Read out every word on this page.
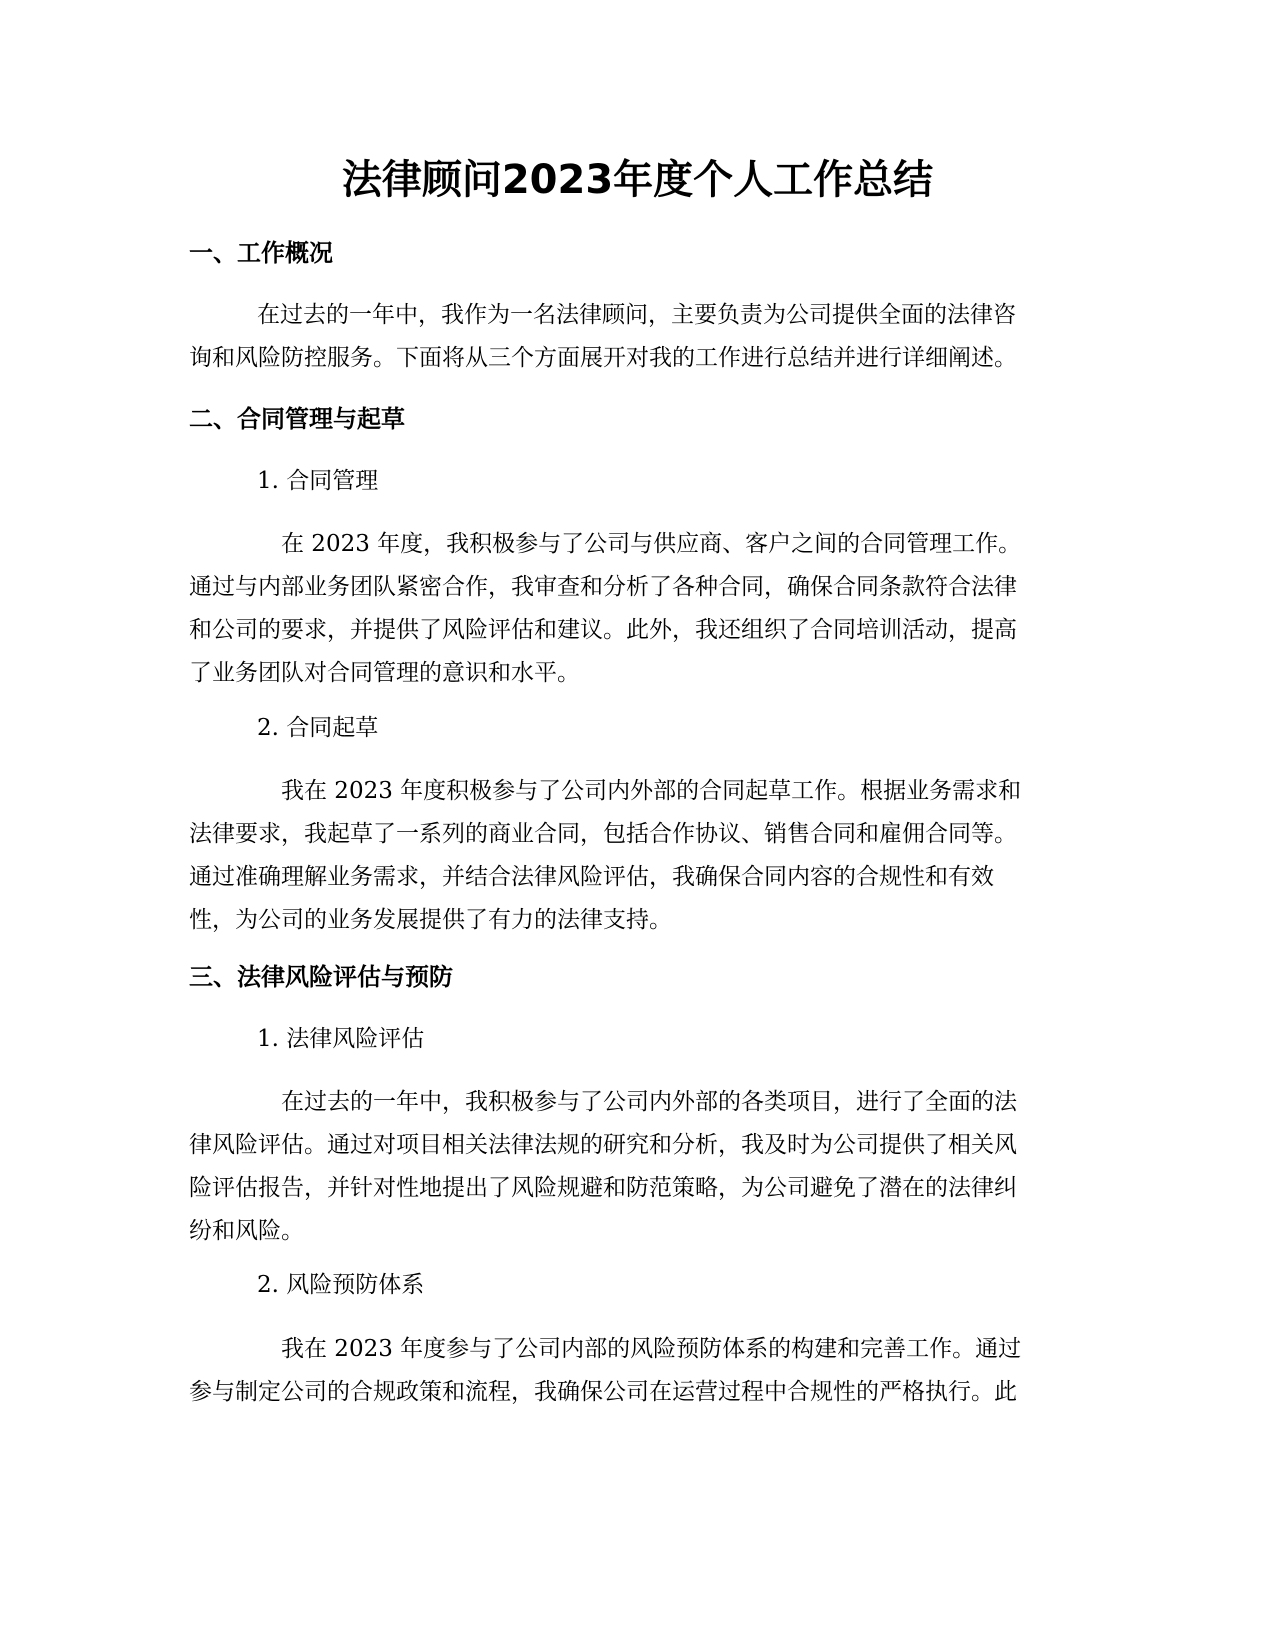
法律顾问2023年度个人工作总结
一、工作概况
在过去的一年中，我作为一名法律顾问，主要负责为公司提供全面的法律咨
询和风险防控服务。下面将从三个方面展开对我的工作进行总结并进行详细阐述。
二、合同管理与起草

1. 合同管理

在 2023 年度，我积极参与了公司与供应商、客户之间的合同管理工作。
通过与内部业务团队紧密合作，我审查和分析了各种合同，确保合同条款符合法律
和公司的要求，并提供了风险评估和建议。此外，我还组织了合同培训活动，提高
了业务团队对合同管理的意识和水平。

2. 合同起草

我在 2023 年度积极参与了公司内外部的合同起草工作。根据业务需求和
法律要求，我起草了一系列的商业合同，包括合作协议、销售合同和雇佣合同等。
通过准确理解业务需求，并结合法律风险评估，我确保合同内容的合规性和有效
性，为公司的业务发展提供了有力的法律支持。
三、法律风险评估与预防

1. 法律风险评估

在过去的一年中，我积极参与了公司内外部的各类项目，进行了全面的法
律风险评估。通过对项目相关法律法规的研究和分析，我及时为公司提供了相关风
险评估报告，并针对性地提出了风险规避和防范策略，为公司避免了潜在的法律纠
纷和风险。

2. 风险预防体系

我在 2023 年度参与了公司内部的风险预防体系的构建和完善工作。通过
参与制定公司的合规政策和流程，我确保公司在运营过程中合规性的严格执行。此
